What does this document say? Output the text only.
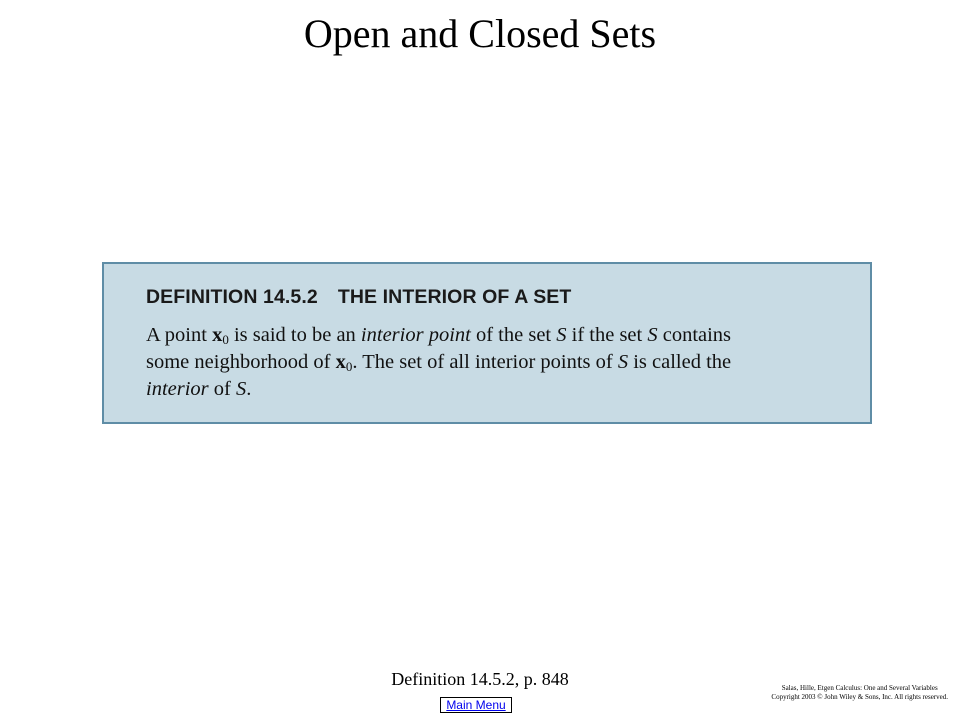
Open and Closed Sets
DEFINITION 14.5.2 THE INTERIOR OF A SET
A point $x_0$ is said to be an interior point of the set S if the set S contains
some neighborhood of $x_0$. The set of all interior points of S is called the
interior of S.
Definition 14.5.2, p. 848	Salas, Hille, Etgen Calculus: One and Several Variables
Copyright 2003 © John Wiley & Sons, Inc. All rights reserved.
Main Menu
